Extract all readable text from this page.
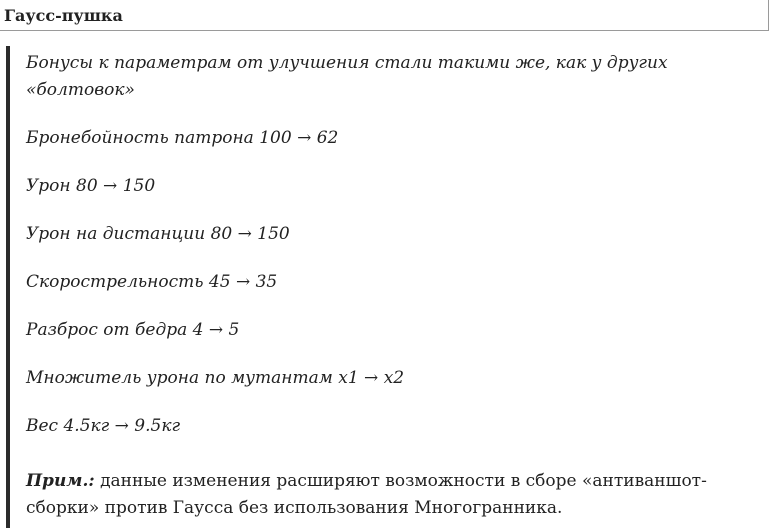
Гаусс-пушка

Бонусы к параметрам от улучшения стали такими же, как у других «болтовок»

Бронебойность патрона 100 → 62

Урон 80 → 150

Урон на дистанции 80 → 150

Скорострельность 45 → 35

Разброс от бедра 4 → 5

Множитель урона по мутантам x1 → x2

Вес 4.5кг → 9.5кг

Прим.: данные изменения расширяют возможности в сборе «антиваншот-сборки» против Гаусса без использования Многогранника.
